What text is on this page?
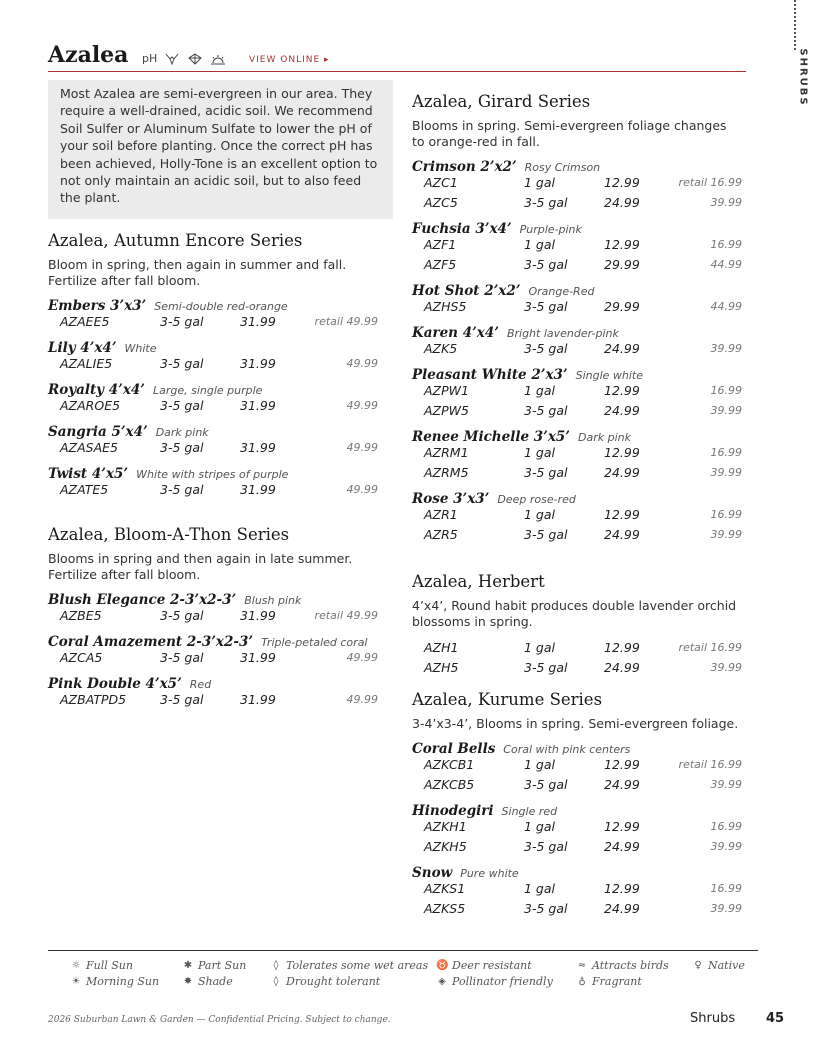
SHRUBS
Azalea pH	VIEW ONLINE ▸
Most Azalea are semi-evergreen in our area. They require a well-drained, acidic soil. We recommend Soil Sulfer or Aluminum Sulfate to lower the pH of your soil before planting. Once the correct pH has been achieved, Holly-Tone is an excellent option to not only maintain an acidic soil, but to also feed the plant.
Azalea, Autumn Encore Series
Bloom in spring, then again in summer and fall. Fertilize after fall bloom.
Embers 3’x3’ Semi-double red-orange
AZAEE5	3-5 gal	31.99	retail 49.99
Lily 4’x4’ White
AZALIE5	3-5 gal	31.99	49.99
Royalty 4’x4’ Large, single purple
AZAROE5	3-5 gal	31.99	49.99
Sangria 5’x4’ Dark pink
AZASAE5	3-5 gal	31.99	49.99
Twist 4’x5’ White with stripes of purple
AZATE5	3-5 gal	31.99	49.99
Azalea, Bloom-A-Thon Series
Blooms in spring and then again in late summer. Fertilize after fall bloom.
Blush Elegance 2-3’x2-3’ Blush pink
AZBE5	3-5 gal	31.99	retail 49.99
Coral Amazement 2-3’x2-3’ Triple-petaled coral
AZCA5	3-5 gal	31.99	49.99
Pink Double 4’x5’ Red
AZBATPD5	3-5 gal	31.99	49.99
Azalea, Girard Series
Blooms in spring. Semi-evergreen foliage changes to orange-red in fall.
Crimson 2’x2’ Rosy Crimson
AZC1	1 gal	12.99	retail 16.99
AZC5	3-5 gal	24.99	39.99
Fuchsia 3’x4’ Purple-pink
AZF1	1 gal	12.99	16.99
AZF5	3-5 gal	29.99	44.99
Hot Shot 2’x2’ Orange-Red
AZHS5	3-5 gal	29.99	44.99
Karen 4’x4’ Bright lavender-pink
AZK5	3-5 gal	24.99	39.99
Pleasant White 2’x3’ Single white
AZPW1	1 gal	12.99	16.99
AZPW5	3-5 gal	24.99	39.99
Renee Michelle 3’x5’ Dark pink
AZRM1	1 gal	12.99	16.99
AZRM5	3-5 gal	24.99	39.99
Rose 3’x3’ Deep rose-red
AZR1	1 gal	12.99	16.99
AZR5	3-5 gal	24.99	39.99
Azalea, Herbert
4’x4’, Round habit produces double lavender orchid blossoms in spring.
AZH1	1 gal	12.99	retail 16.99
AZH5	3-5 gal	24.99	39.99
Azalea, Kurume Series
3-4’x3-4’, Blooms in spring. Semi-evergreen foliage.
Coral Bells Coral with pink centers
AZKCB1	1 gal	12.99	retail 16.99
AZKCB5	3-5 gal	24.99	39.99
Hinodegiri Single red
AZKH1	1 gal	12.99	16.99
AZKH5	3-5 gal	24.99	39.99
Snow Pure white
AZKS1	1 gal	12.99	16.99
AZKS5	3-5 gal	24.99	39.99
☼ Full Sun
☀ Morning Sun
✱ Part Sun
✸ Shade
◊ Tolerates some wet areas
◊ Drought tolerant
♉ Deer resistant
◈ Pollinator friendly
≈ Attracts birds
♁ Fragrant
♀ Native
2026 Suburban Lawn & Garden — Confidential Pricing. Subject to change.	Shrubs 45
